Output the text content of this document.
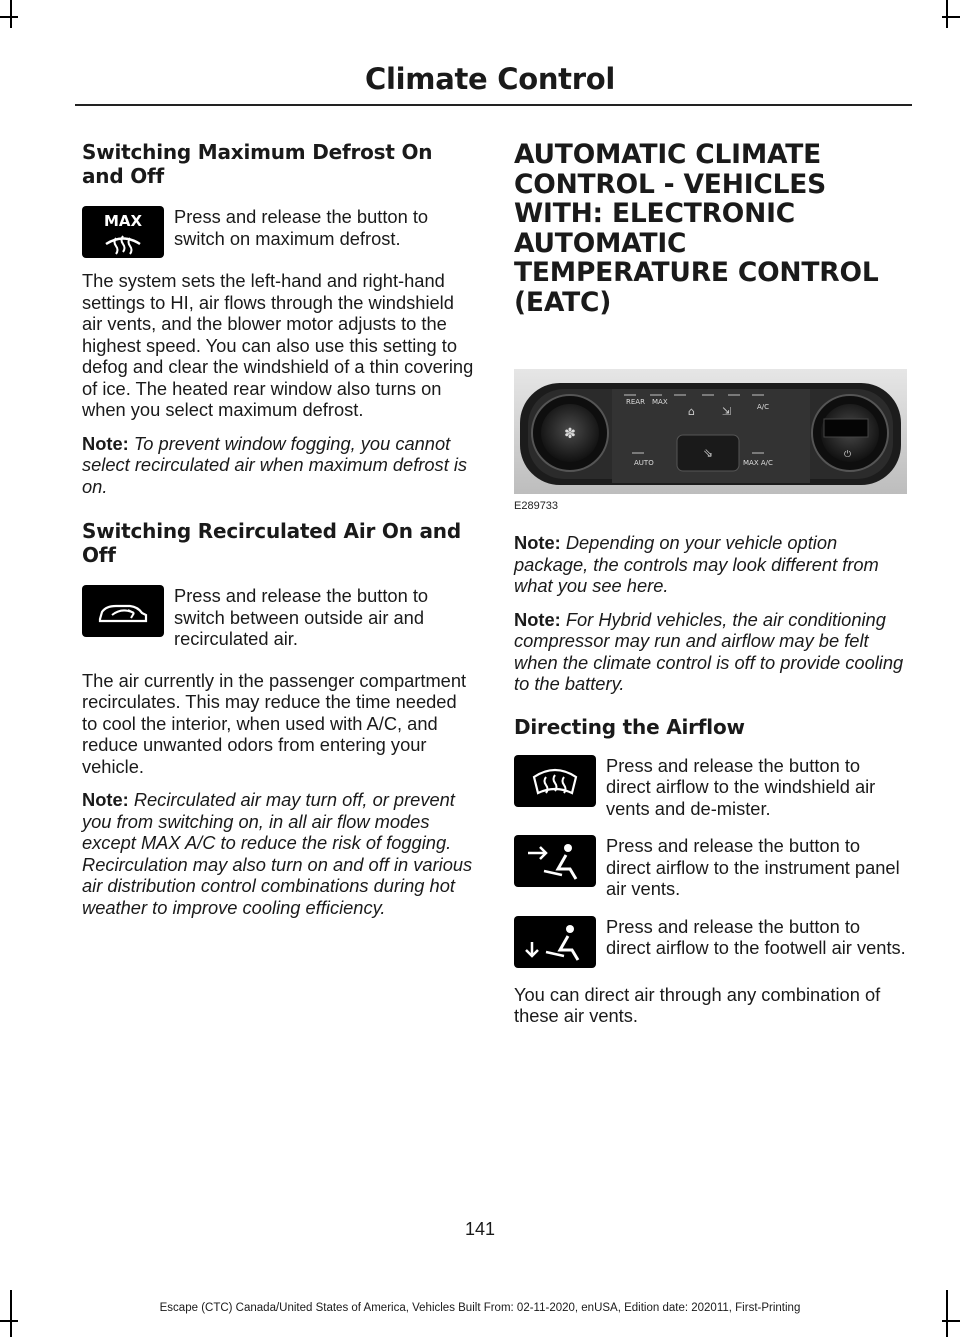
Climate Control
Switching Maximum Defrost On and Off
MAX Press and release the button to switch on maximum defrost.

The system sets the left-hand and right-hand settings to HI, air flows through the windshield air vents, and the blower motor adjusts to the highest speed. You can also use this setting to defog and clear the windshield of a thin covering of ice. The heated rear window also turns on when you select maximum defrost.

Note: To prevent window fogging, you cannot select recirculated air when maximum defrost is on.

Switching Recirculated Air On and Off
Press and release the button to switch between outside air and recirculated air.

The air currently in the passenger compartment recirculates. This may reduce the time needed to cool the interior, when used with A/C, and reduce unwanted odors from entering your vehicle.

Note: Recirculated air may turn off, or prevent you from switching on, in all air flow modes except MAX A/C to reduce the risk of fogging. Recirculation may also turn on and off in various air distribution control combinations during hot weather to improve cooling efficiency.

AUTOMATIC CLIMATE CONTROL - VEHICLES WITH: ELECTRONIC AUTOMATIC TEMPERATURE CONTROL (EATC)
✽
⏻
REAR MAX
A/C
AUTO	MAX A/C
⇘
⌂ ⇲
E289733

Note: Depending on your vehicle option package, the controls may look different from what you see here.

Note: For Hybrid vehicles, the air conditioning compressor may run and airflow may be felt when the climate control is off to provide cooling to the battery.

Directing the Airflow
Press and release the button to direct airflow to the windshield air vents and de-mister.
Press and release the button to direct airflow to the instrument panel air vents.
Press and release the button to direct airflow to the footwell air vents.

You can direct air through any combination of these air vents.

141
Escape (CTC) Canada/United States of America, Vehicles Built From: 02-11-2020, enUSA, Edition date: 202011, First-Printing
